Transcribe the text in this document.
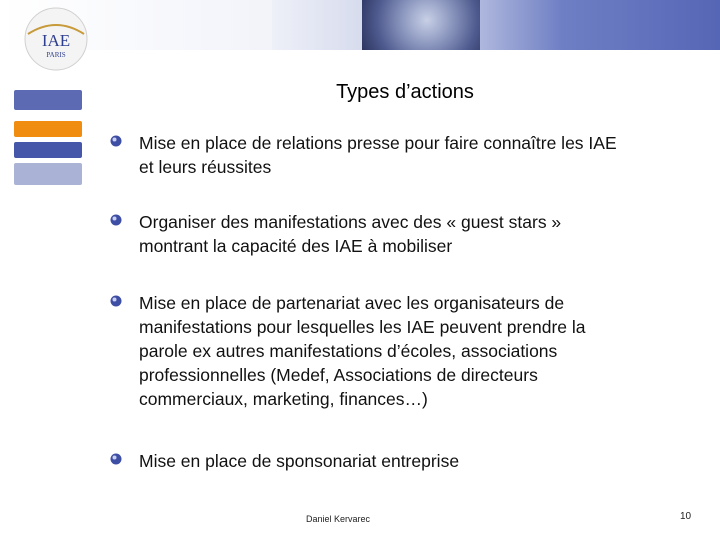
IAE
PARIS
Types d’actions
Mise en place de relations presse pour faire connaître les IAE
et leurs réussites
Organiser des manifestations avec des « guest stars »
montrant la capacité des IAE à mobiliser
Mise en place de partenariat avec les organisateurs de
manifestations pour lesquelles les IAE peuvent prendre la
parole ex autres manifestations d’écoles, associations
professionnelles (Medef, Associations de directeurs
commerciaux, marketing, finances…)
Mise en place de sponsonariat entreprise
Daniel Kervarec	10
